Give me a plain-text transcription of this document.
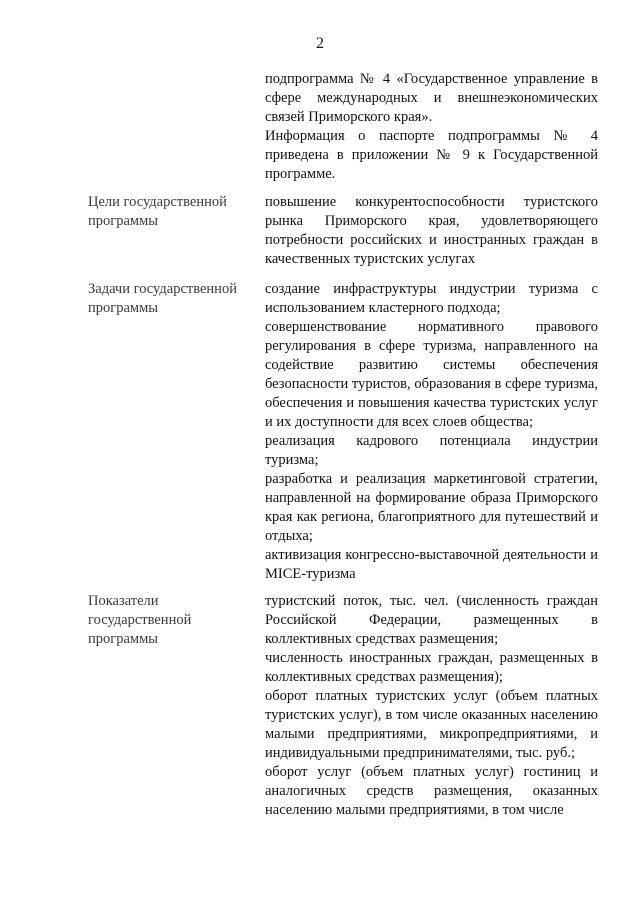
2

подпрограмма № 4 «Государственное управление в сфере международных и внешнеэкономических связей Приморского края».

Информация о паспорте подпрограммы № 4 приведена в приложении № 9 к Государственной программе.

Цели государственной программы

повышение конкурентоспособности туристского рынка Приморского края, удовлетворяющего потребности российских и иностранных граждан в качественных туристских услугах

Задачи государственной программы

создание инфраструктуры индустрии туризма с использованием кластерного подхода;

совершенствование нормативного правового регулирования в сфере туризма, направленного на содействие развитию системы обеспечения безопасности туристов, образования в сфере туризма, обеспечения и повышения качества туристских услуг и их доступности для всех слоев общества;

реализация кадрового потенциала индустрии туризма;

разработка и реализация маркетинговой стратегии, направленной на формирование образа Приморского края как региона, благоприятного для путешествий и отдыха;

активизация конгрессно-выставочной деятельности и MICE-туризма

Показатели государственной программы

туристский поток, тыс. чел. (численность граждан Российской Федерации, размещенных в коллективных средствах размещения;

численность иностранных граждан, размещенных в коллективных средствах размещения);

оборот платных туристских услуг (объем платных туристских услуг), в том числе оказанных населению малыми предприятиями, микропредприятиями, и индивидуальными предпринимателями, тыс. руб.;

оборот услуг (объем платных услуг) гостиниц и аналогичных средств размещения, оказанных населению малыми предприятиями, в том числе
